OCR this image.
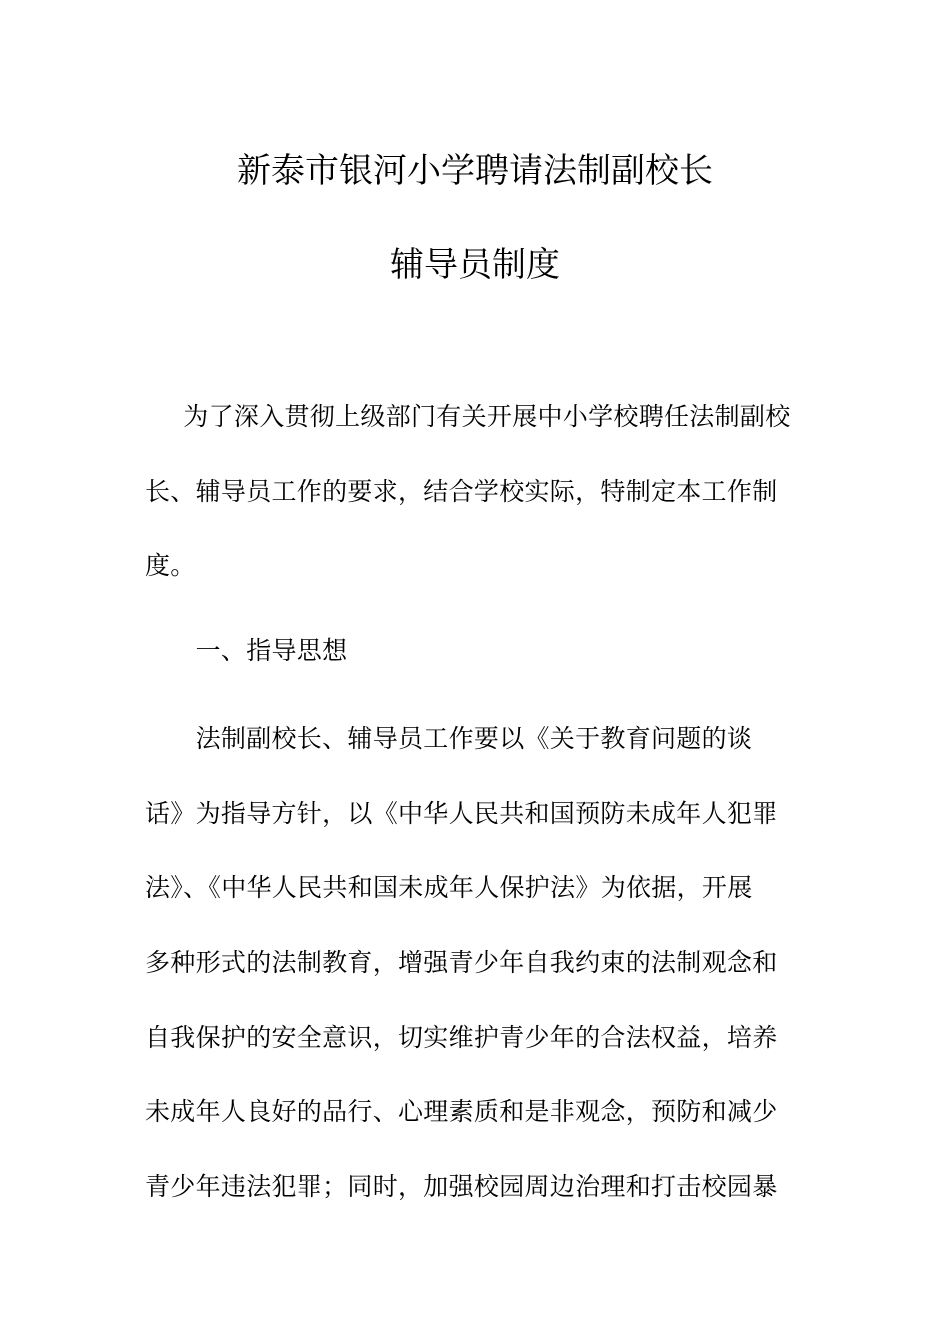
新泰市银河小学聘请法制副校长
辅导员制度
　为了深入贯彻上级部门有关开展中小学校聘任法制副校
长、辅导员工作的要求，结合学校实际，特制定本工作制
度。
　　一、指导思想
　　法制副校长、辅导员工作要以《关于教育问题的谈
话》为指导方针，以《中华人民共和国预防未成年人犯罪
法》、《中华人民共和国未成年人保护法》为依据，开展
多种形式的法制教育，增强青少年自我约束的法制观念和
自我保护的安全意识，切实维护青少年的合法权益，培养
未成年人良好的品行、心理素质和是非观念，预防和减少
青少年违法犯罪；同时，加强校园周边治理和打击校园暴
